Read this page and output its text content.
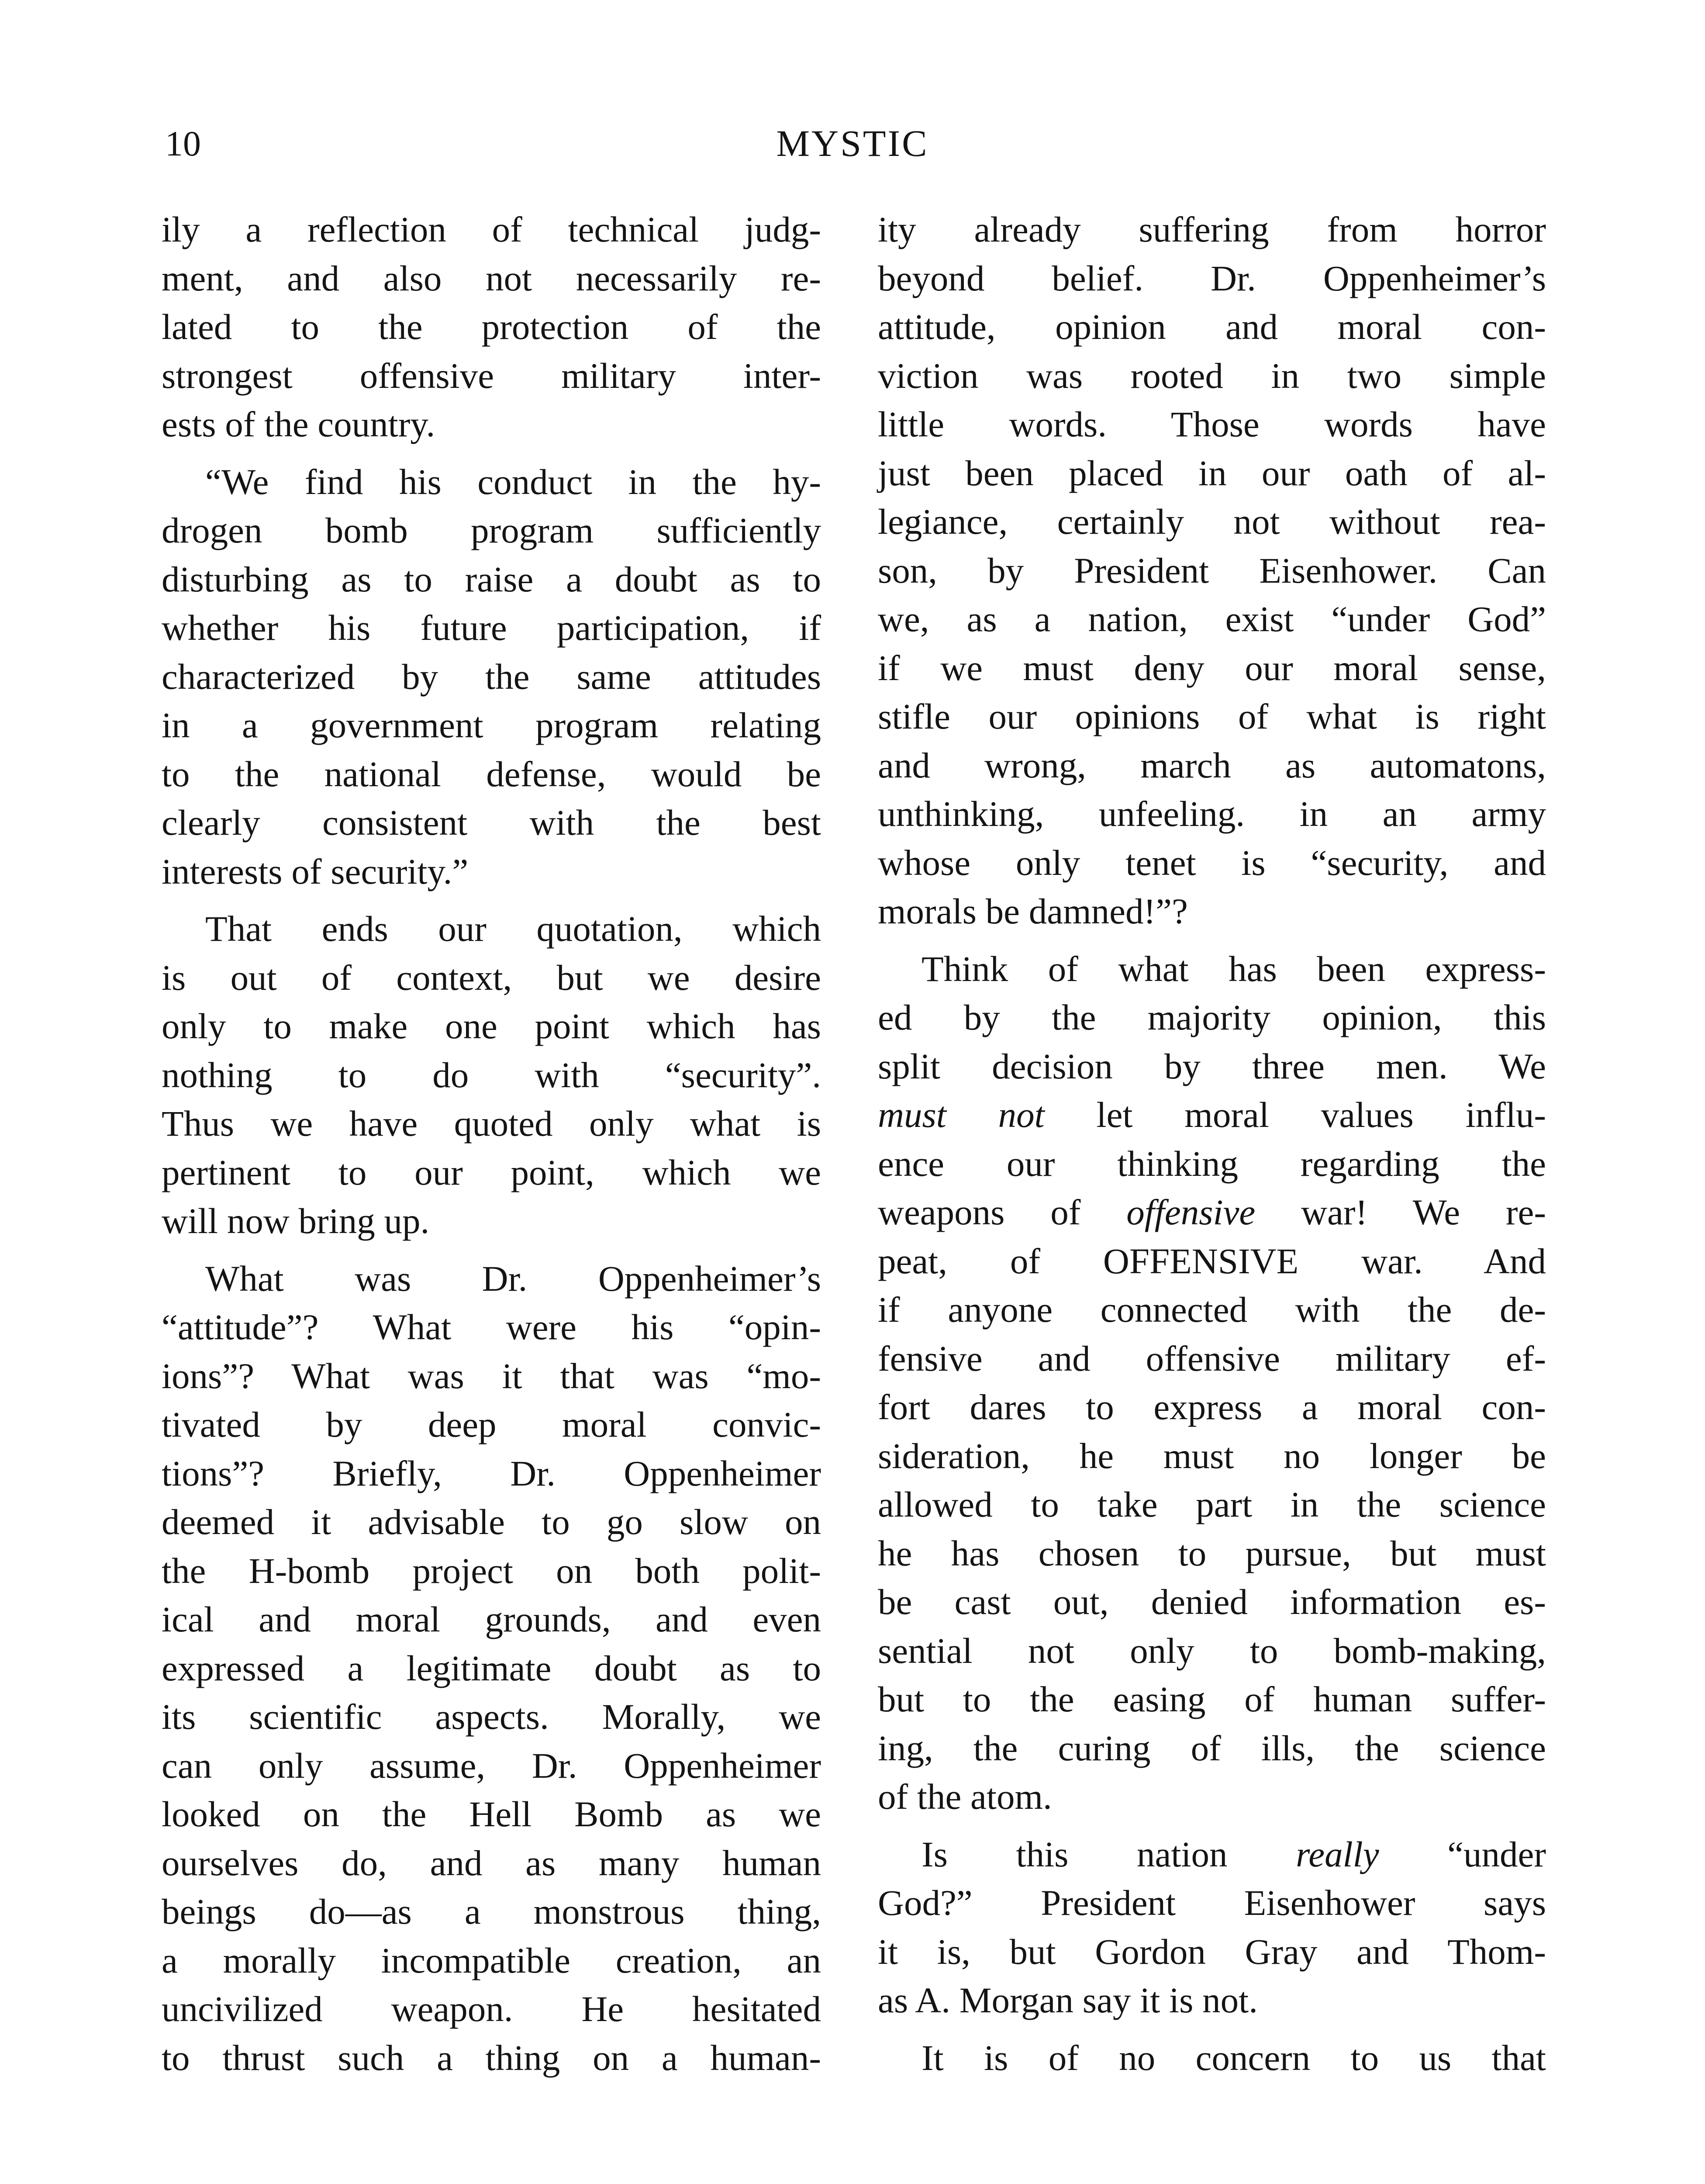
10	MYSTIC
ily a reflection of technical judg-
ment, and also not necessarily re-
lated to the protection of the
strongest offensive military inter-
ests of the country.
“We find his conduct in the hy-
drogen bomb program sufficiently
disturbing as to raise a doubt as to
whether his future participation, if
characterized by the same attitudes
in a government program relating
to the national defense, would be
clearly consistent with the best
interests of security.”
That ends our quotation, which
is out of context, but we desire
only to make one point which has
nothing to do with “security”.
Thus we have quoted only what is
pertinent to our point, which we
will now bring up.
What was Dr. Oppenheimer’s
“attitude”? What were his “opin-
ions”? What was it that was “mo-
tivated by deep moral convic-
tions”? Briefly, Dr. Oppenheimer
deemed it advisable to go slow on
the H-bomb project on both polit-
ical and moral grounds, and even
expressed a legitimate doubt as to
its scientific aspects. Morally, we
can only assume, Dr. Oppenheimer
looked on the Hell Bomb as we
ourselves do, and as many human
beings do—as a monstrous thing,
a morally incompatible creation, an
uncivilized weapon. He hesitated
to thrust such a thing on a human-
ity already suffering from horror
beyond belief. Dr. Oppenheimer’s
attitude, opinion and moral con-
viction was rooted in two simple
little words. Those words have
just been placed in our oath of al-
legiance, certainly not without rea-
son, by President Eisenhower. Can
we, as a nation, exist “under God”
if we must deny our moral sense,
stifle our opinions of what is right
and wrong, march as automatons,
unthinking, unfeeling. in an army
whose only tenet is “security, and
morals be damned!”?
Think of what has been express-
ed by the majority opinion, this
split decision by three men. We
must not let moral values influ-
ence our thinking regarding the
weapons of offensive war! We re-
peat, of OFFENSIVE war. And
if anyone connected with the de-
fensive and offensive military ef-
fort dares to express a moral con-
sideration, he must no longer be
allowed to take part in the science
he has chosen to pursue, but must
be cast out, denied information es-
sential not only to bomb-making,
but to the easing of human suffer-
ing, the curing of ills, the science
of the atom.
Is this nation really “under
God?” President Eisenhower says
it is, but Gordon Gray and Thom-
as A. Morgan say it is not.
It is of no concern to us that
